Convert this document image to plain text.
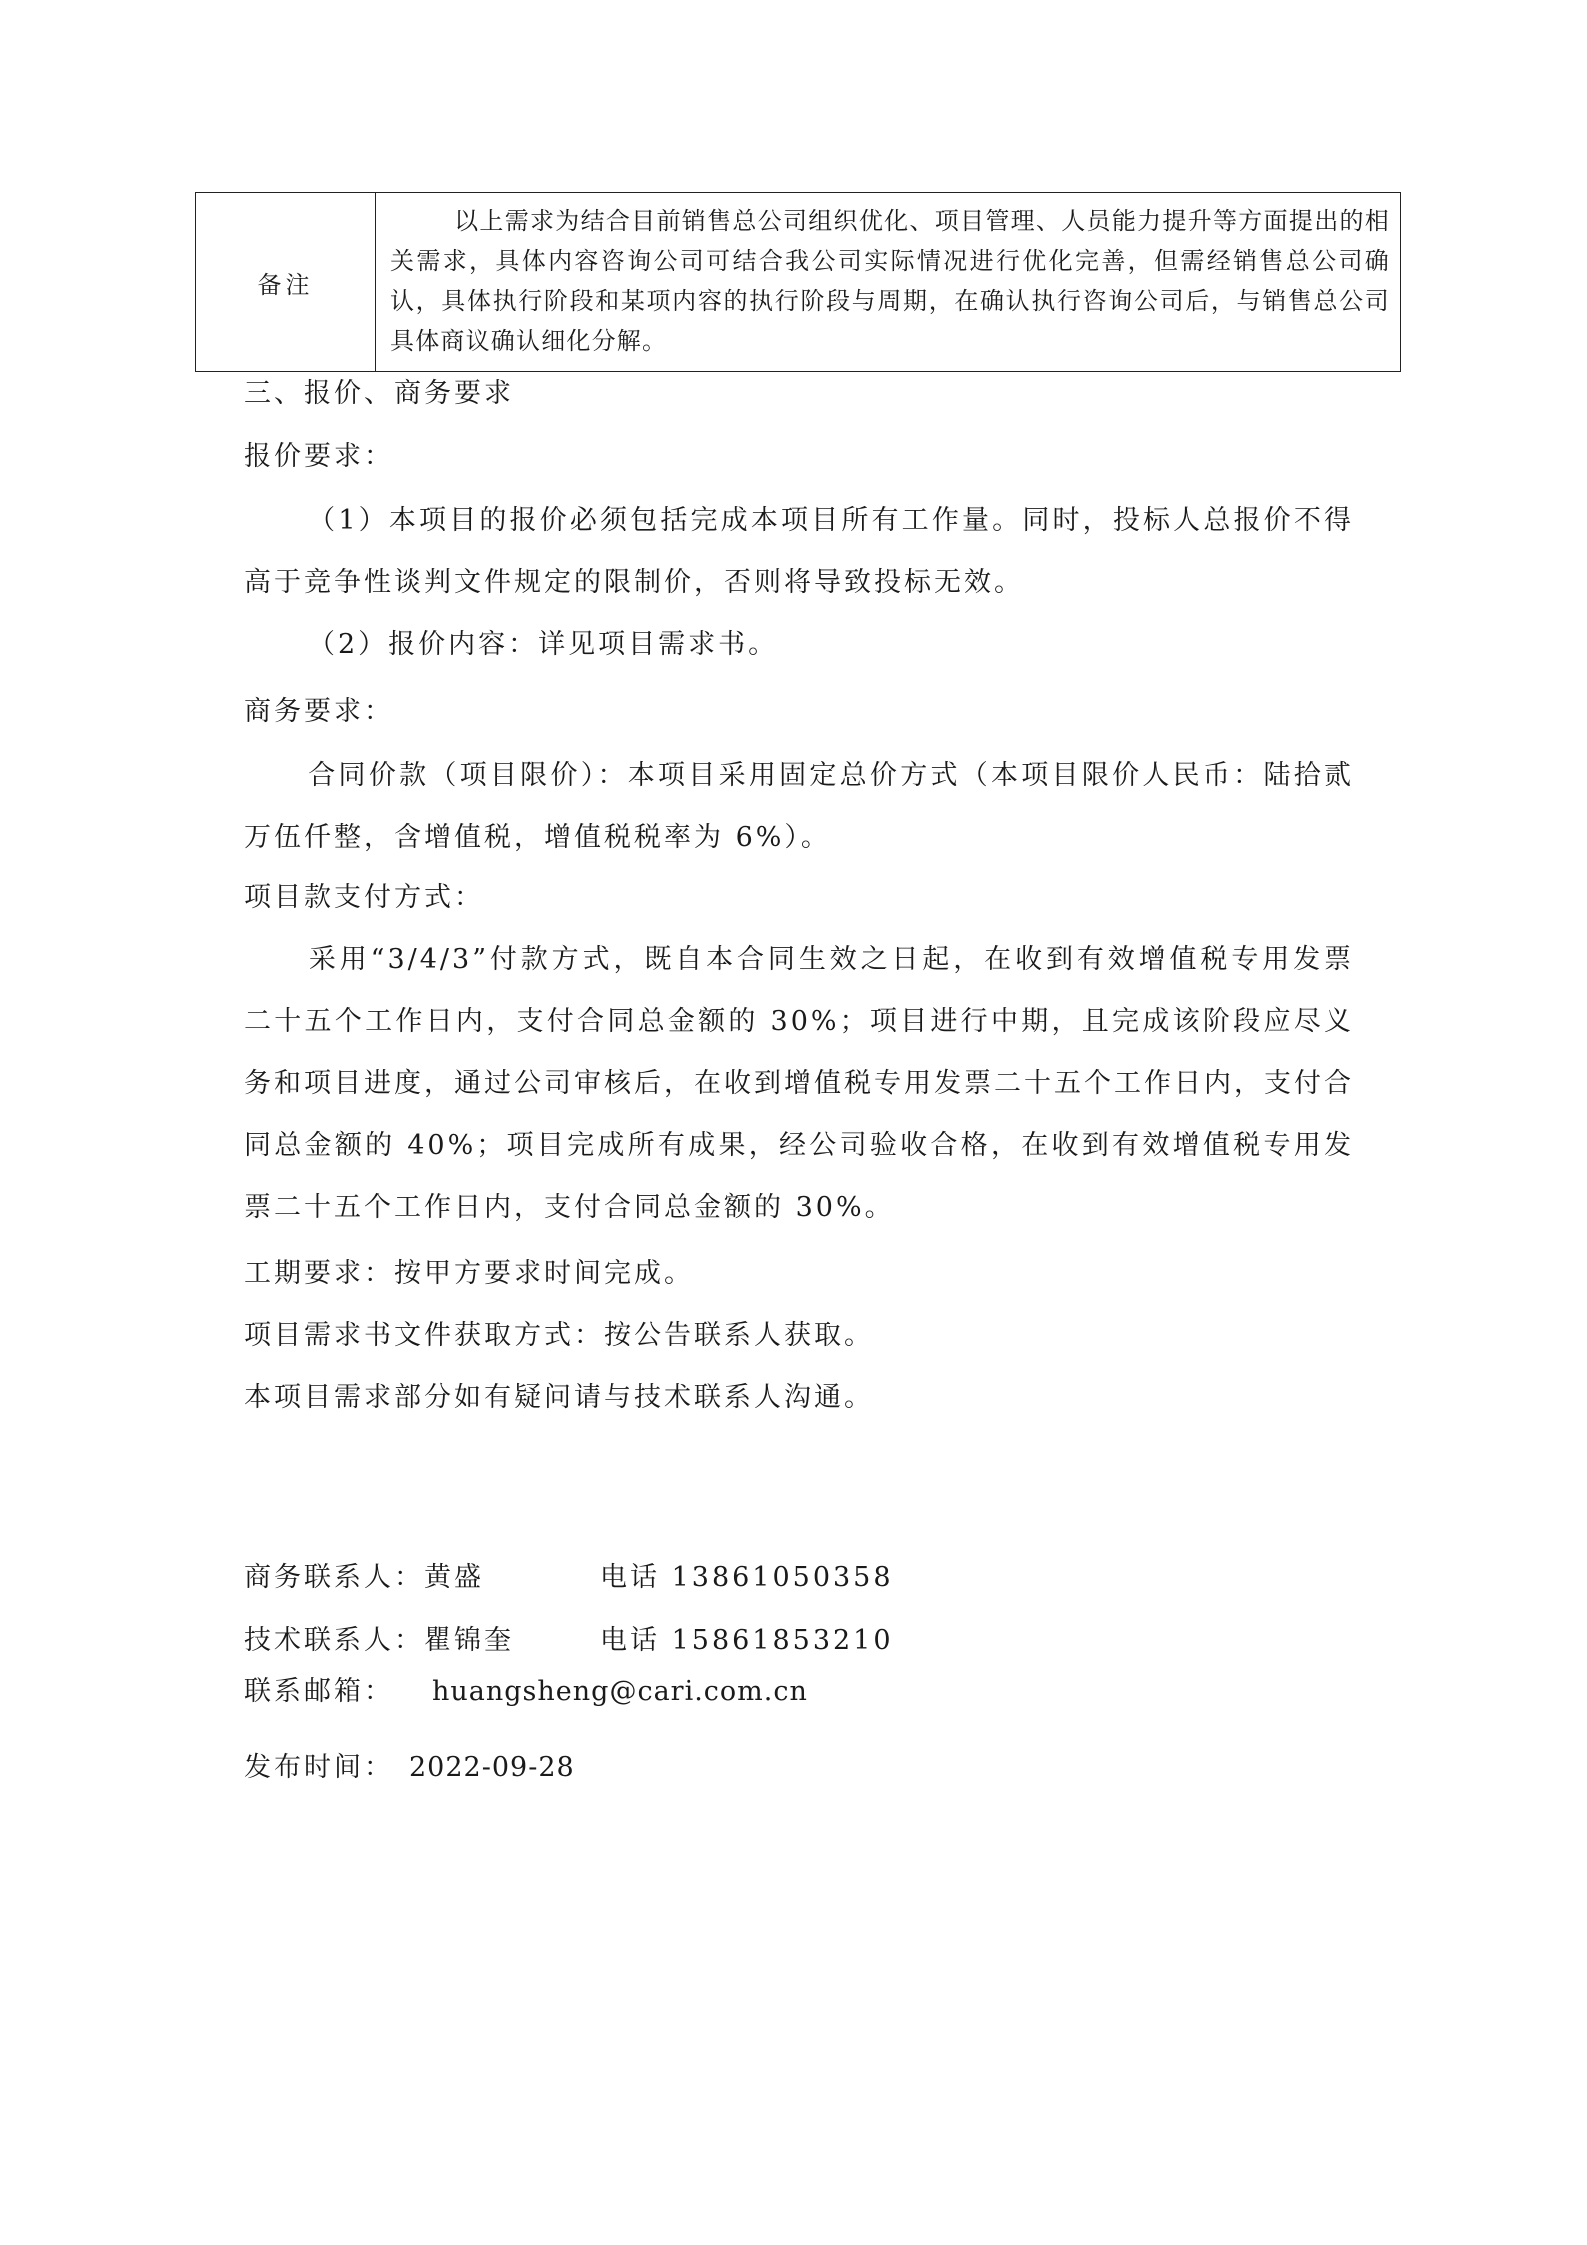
备注	以上需求为结合目前销售总公司组织优化、项目管理、人员能力提升等方面提出的相关需求，具体内容咨询公司可结合我公司实际情况进行优化完善，但需经销售总公司确认，具体执行阶段和某项内容的执行阶段与周期，在确认执行咨询公司后，与销售总公司具体商议确认细化分解。
三、报价、商务要求
报价要求：
（1）本项目的报价必须包括完成本项目所有工作量。同时，投标人总报价不得高于竞争性谈判文件规定的限制价，否则将导致投标无效。
（2）报价内容：详见项目需求书。
商务要求：
合同价款（项目限价）：本项目采用固定总价方式（本项目限价人民币：陆拾贰万伍仟整，含增值税，增值税税率为 6%）。
项目款支付方式：
采用“3/4/3”付款方式，既自本合同生效之日起，在收到有效增值税专用发票二十五个工作日内，支付合同总金额的 30%；项目进行中期，且完成该阶段应尽义务和项目进度，通过公司审核后，在收到增值税专用发票二十五个工作日内，支付合同总金额的 40%；项目完成所有成果，经公司验收合格，在收到有效增值税专用发票二十五个工作日内，支付合同总金额的 30%。
工期要求：按甲方要求时间完成。
项目需求书文件获取方式：按公告联系人获取。
本项目需求部分如有疑问请与技术联系人沟通。
商务联系人：黄盛	电话 13861050358
技术联系人：瞿锦奎	电话 15861853210
联系邮箱： huangsheng@cari.com.cn
发布时间： 2022-09-28
